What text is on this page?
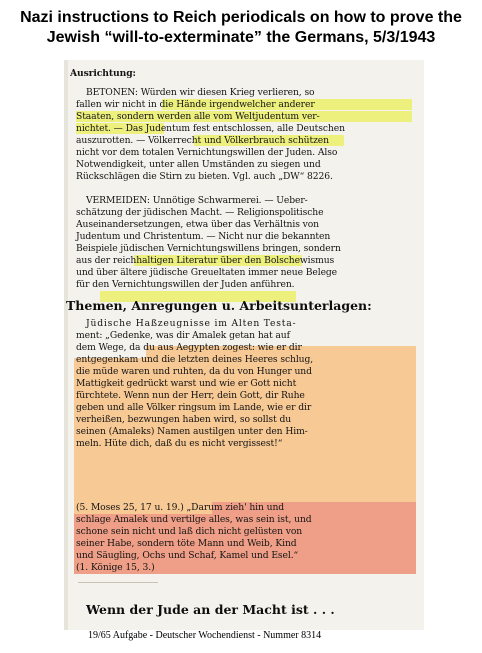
Nazi instructions to Reich periodicals on how to prove the
Jewish “will-to-exterminate” the Germans, 5/3/1943
Ausrichtung:
BETONEN: Würden wir diesen Krieg verlieren, so
fallen wir nicht in die Hände irgendwelcher anderer
Staaten, sondern werden alle vom Weltjudentum ver-
nichtet. — Das Judentum fest entschlossen, alle Deutschen
auszurotten. — Völkerrecht und Völkerbrauch schützen
nicht vor dem totalen Vernichtungswillen der Juden. Also
Notwendigkeit, unter allen Umständen zu siegen und
Rückschlägen die Stirn zu bieten. Vgl. auch „DW“ 8226.
VERMEIDEN: Unnötige Schwarmerei. — Ueber-
schätzung der jüdischen Macht. — Religionspolitische
Auseinandersetzungen, etwa über das Verhältnis von
Judentum und Christentum. — Nicht nur die bekannten
Beispiele jüdischen Vernichtungswillens bringen, sondern
aus der reichhaltigen Literatur über den Bolschewismus
und über ältere jüdische Greueltaten immer neue Belege
für den Vernichtungswillen der Juden anführen.
Themen, Anregungen u. Arbeitsunterlagen:
Jüdische Haßzeugnisse im Alten Testa-
ment: „Gedenke, was dir Amalek getan hat auf
dem Wege, da du aus Aegypten zogest: wie er dir
entgegenkam und die letzten deines Heeres schlug,
die müde waren und ruhten, da du von Hunger und
Mattigkeit gedrückt warst und wie er Gott nicht
fürchtete. Wenn nun der Herr, dein Gott, dir Ruhe
geben und alle Völker ringsum im Lande, wie er dir
verheißen, bezwungen haben wird, so sollst du
seinen (Amaleks) Namen austilgen unter den Him-
meln. Hüte dich, daß du es nicht vergissest!“
(5. Moses 25, 17 u. 19.) „Darum zieh' hin und
schlage Amalek und vertilge alles, was sein ist, und
schone sein nicht und laß dich nicht gelüsten von
seiner Habe, sondern töte Mann und Weib, Kind
und Säugling, Ochs und Schaf, Kamel und Esel.“
(1. Könige 15, 3.)
Wenn der Jude an der Macht ist . . .
19/65 Aufgabe - Deutscher Wochendienst - Nummer 8314
